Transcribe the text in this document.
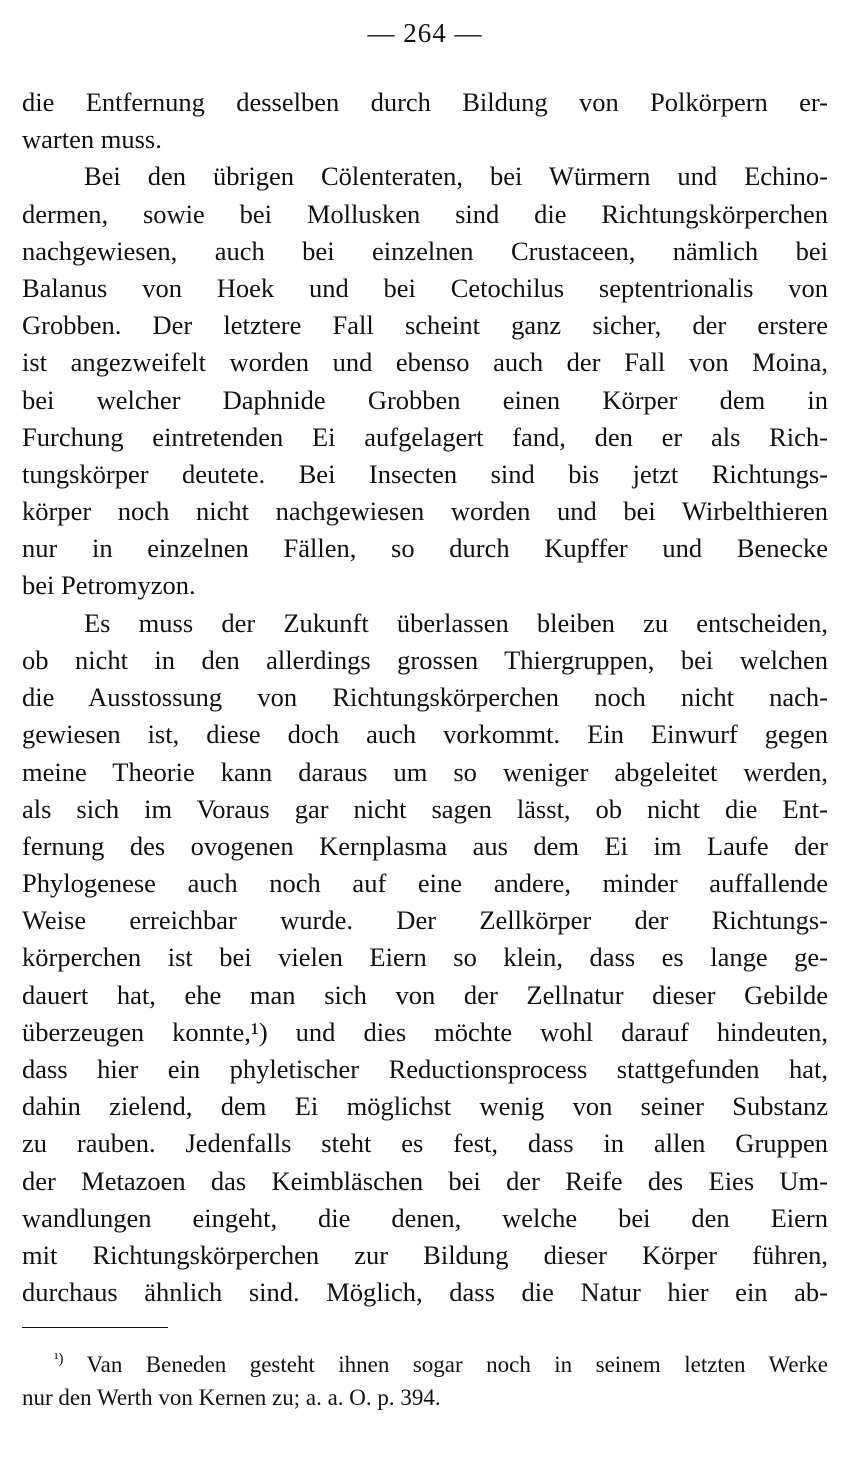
— 264 —
die Entfernung desselben durch Bildung von Polkörpern er-
warten muss.
Bei den übrigen Cölenteraten, bei Würmern und Echino-
dermen, sowie bei Mollusken sind die Richtungskörperchen
nachgewiesen, auch bei einzelnen Crustaceen, nämlich bei
Balanus von Hoek und bei Cetochilus septentrionalis von
Grobben. Der letztere Fall scheint ganz sicher, der erstere
ist angezweifelt worden und ebenso auch der Fall von Moina,
bei welcher Daphnide Grobben einen Körper dem in
Furchung eintretenden Ei aufgelagert fand, den er als Rich-
tungskörper deutete. Bei Insecten sind bis jetzt Richtungs-
körper noch nicht nachgewiesen worden und bei Wirbelthieren
nur in einzelnen Fällen, so durch Kupffer und Benecke
bei Petromyzon.
Es muss der Zukunft überlassen bleiben zu entscheiden,
ob nicht in den allerdings grossen Thiergruppen, bei welchen
die Ausstossung von Richtungskörperchen noch nicht nach-
gewiesen ist, diese doch auch vorkommt. Ein Einwurf gegen
meine Theorie kann daraus um so weniger abgeleitet werden,
als sich im Voraus gar nicht sagen lässt, ob nicht die Ent-
fernung des ovogenen Kernplasma aus dem Ei im Laufe der
Phylogenese auch noch auf eine andere, minder auffallende
Weise erreichbar wurde. Der Zellkörper der Richtungs-
körperchen ist bei vielen Eiern so klein, dass es lange ge-
dauert hat, ehe man sich von der Zellnatur dieser Gebilde
überzeugen konnte,¹) und dies möchte wohl darauf hindeuten,
dass hier ein phyletischer Reductionsprocess stattgefunden hat,
dahin zielend, dem Ei möglichst wenig von seiner Substanz
zu rauben. Jedenfalls steht es fest, dass in allen Gruppen
der Metazoen das Keimbläschen bei der Reife des Eies Um-
wandlungen eingeht, die denen, welche bei den Eiern
mit Richtungskörperchen zur Bildung dieser Körper führen,
durchaus ähnlich sind. Möglich, dass die Natur hier ein ab-
$^{^1)}$ Van Beneden gesteht ihnen sogar noch in seinem letzten Werke
nur den Werth von Kernen zu; a. a. O. p. 394.
